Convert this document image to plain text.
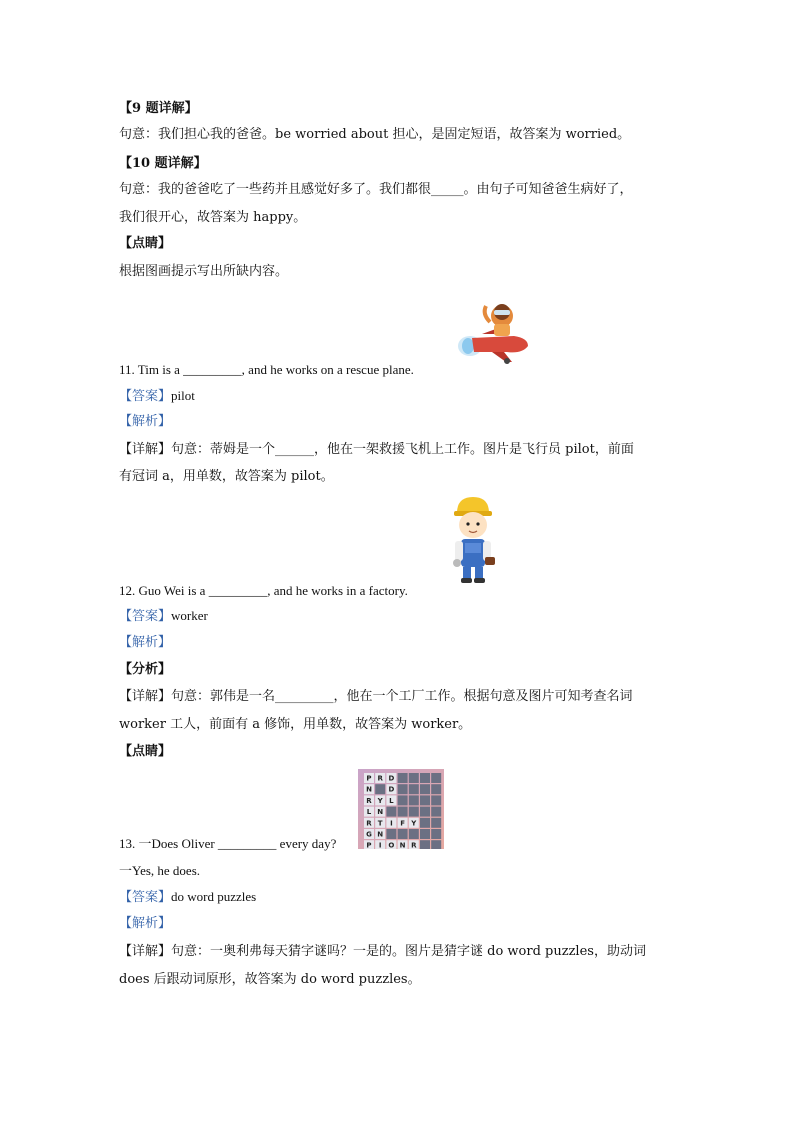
【9 题详解】
句意：我们担心我的爸爸。be worried about 担心，是固定短语，故答案为 worried。
【10 题详解】
句意：我的爸爸吃了一些药并且感觉好多了。我们都很_____。由句子可知爸爸生病好了，
我们很开心，故答案为 happy。
【点睛】
根据图画提示写出所缺内容。
11. Tim is a _________, and he works on a rescue plane.
【答案】pilot
【解析】
【详解】句意：蒂姆是一个______，他在一架救援飞机上工作。图片是飞行员 pilot，前面
有冠词 a，用单数，故答案为 pilot。
12. Guo Wei is a _________, and he works in a factory.
【答案】worker
【解析】
【分析】
【详解】句意：郭伟是一名_________，他在一个工厂工作。根据句意及图片可知考查名词
worker 工人，前面有 a 修饰，用单数，故答案为 worker。
【点睛】
P R D
N D
R Y L
L N
R T I F Y
G N
P I O N R
13. 一Does Oliver _________ every day?
一Yes, he does.
【答案】do word puzzles
【解析】
【详解】句意：一奥利弗每天猜字谜吗？一是的。图片是猜字谜 do word puzzles，助动词
does 后跟动词原形，故答案为 do word puzzles。
